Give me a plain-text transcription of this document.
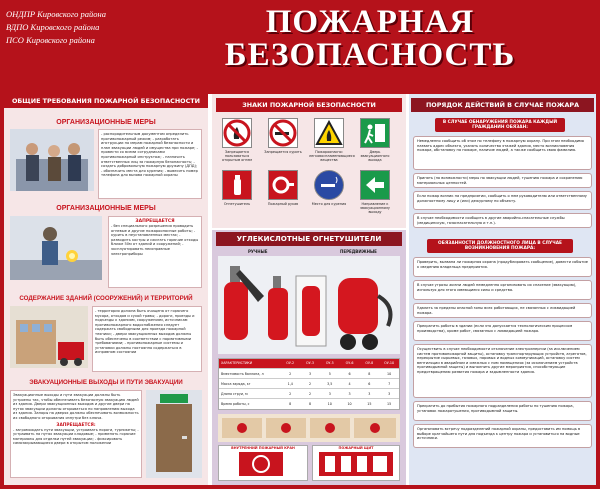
ОНДПР Кировского района
ВДПО Кировского района
ПСО Кировского района	ПОЖАРНАЯ
БЕЗОПАСНОСТЬ
ОБЩИЕ ТРЕБОВАНИЯ ПОЖАРНОЙ БЕЗОПАСНОСТИ
ОРГАНИЗАЦИОННЫЕ МЕРЫ
- распорядительным документом определить противопожарный режим; - разработать инструкции по мерам пожарной безопасности и план эвакуации людей и имущества при пожаре; - провести со всеми сотрудниками противопожарный инструктаж; - назначить ответственных лиц за пожарную безопасность; - создать добровольную пожарную дружину (ДПД); - обозначить места для курения; - вывесить номер телефона для вызова пожарной охраны
ОРГАНИЗАЦИОННЫЕ МЕРЫ
ЗАПРЕЩАЕТСЯ
- без специального разрешения проводить огневые и другие пожароопасные работы; - курить в неустановленных местах; - разводить костры и сжигать горючие отходы ближе 50м от зданий и сооружений; - эксплуатировать неисправные электроприборы
СОДЕРЖАНИЕ ЗДАНИЙ (СООРУЖЕНИЙ) И ТЕРРИТОРИЙ
- территория должна быть очищена от горючего мусора, отходов и сухой травы; - дороги, проезды и подъезды к зданиям, сооружениям, источникам противопожарного водоснабжения следует содержать свободными для проезда пожарной техники; - двери эвакуационных выходов должны быть обеспечены в соответствии с нормативными требованиями; - противопожарные системы и установки должны постоянно содержаться в исправном состоянии
ЭВАКУАЦИОННЫЕ ВЫХОДЫ И ПУТИ ЭВАКУАЦИИ
Эвакуационные выходы и пути эвакуации должны быть устроены так, чтобы обеспечивать безопасную эвакуацию людей из здания. Двери эвакуационных выходов и другие двери на путях эвакуации должны открываться по направлению выхода из здания. Запоры на дверях должны обеспечивать возможность их свободного открывания изнутри без ключа.
ЗАПРЕЩАЕТСЯ:
- загромождать пути эвакуации, устраивать пороги, турникеты; - устраивать на путях эвакуации кладовые; - применять горючие материалы для отделки путей эвакуации; - фиксировать самозакрывающиеся двери в открытом положении
ЗНАКИ ПОЖАРНОЙ БЕЗОПАСНОСТИ
Запрещается пользоваться открытым огнем
Запрещается курить	Пожароопасно: легковоспламеняющиеся вещества
Дверь эвакуационного выхода
Огнетушитель	Пожарный рукав	Место для курения	Направление к эвакуационному выходу
УГЛЕКИСЛОТНЫЕ ОГНЕТУШИТЕЛИ
РУЧНЫЕ	ПЕРЕДВИЖНЫЕ
ХАРАКТЕРИСТИКИ	ОУ-2	ОУ-3	ОУ-5	ОУ-6	ОУ-8	ОУ-10
Вместимость баллона, л	2	3	5	6	8	10
Масса заряда, кг	1,4	2	3,5	4	6	7
Длина струи, м	2	2	3	3	3	3
Время работы, с	8	8	10	10	15	15
ВНУТРЕННИЙ ПОЖАРНЫЙ КРАН	ПОЖАРНЫЙ ЩИТ
ПОРЯДОК ДЕЙСТВИЙ В СЛУЧАЕ ПОЖАРА
В СЛУЧАЕ ОБНАРУЖЕНИЯ ПОЖАРА КАЖДЫЙ ГРАЖДАНИН ОБЯЗАН:
Немедленно сообщить об этом по телефону в пожарную охрану. При этом необходимо назвать адрес объекта, указать количество этажей здания, место возникновения пожара, обстановку на пожаре, наличие людей, а также сообщить свою фамилию.
Принять (по возможности) меры по эвакуации людей, тушению пожара и сохранению материальных ценностей.
Если пожар возник на предприятии, сообщить о нем руководителю или ответственному должностному лицу и (или) дежурному по объекту.
В случае необходимости сообщить в другие аварийно-спасательные службы (медицинскую, газоспасательную и т.п.).
ОБЯЗАННОСТИ ДОЛЖНОСТНОГО ЛИЦА В СЛУЧАЕ ВОЗНИКНОВЕНИЯ ПОЖАРА:
Проверить, вызвана ли пожарная охрана (продублировать сообщение), довести событие к сведению владельца предприятия.
В случае угрозы жизни людей немедленно организовать их спасение (эвакуацию), используя для этого имеющиеся силы и средства.
Удалить за пределы опасной зоны всех работающих, не связанных с ликвидацией пожара.
Прекратить работы в здании (если это допускается технологическим процессом производства), кроме работ, связанных с ликвидацией пожара.
Осуществить в случае необходимости отключение электроэнергии (за исключением систем противопожарной защиты), остановку транспортирующих устройств, агрегатов, перекрытие сырьевых, газовых, паровых и водных коммуникаций, остановку систем вентиляции в аварийном и смежных с ним помещениях (за исключением устройств противодымной защиты) и выполнить другие мероприятия, способствующие предотвращению развития пожара и задымленности здания.
Прекратить до прибытия пожарного подразделения работы по тушению пожара, установок пожаротушения, противодымной защиты.
Организовать встречу подразделений пожарной охраны, предоставить им помощь в выборе кратчайшего пути для подъезда к центру пожара и установиться на водные источники.
